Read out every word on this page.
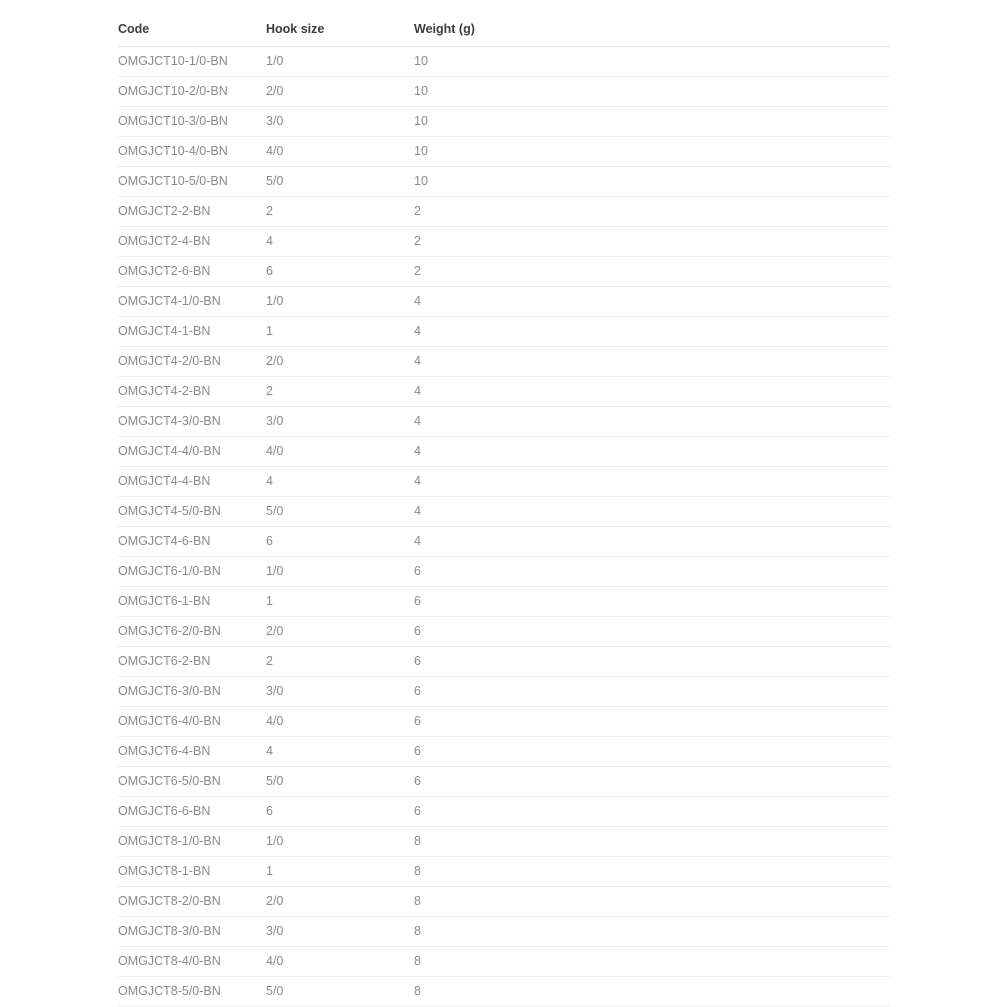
Code	Hook size	Weight (g)
OMGJCT10-1/0-BN	1/0	10
OMGJCT10-2/0-BN	2/0	10
OMGJCT10-3/0-BN	3/0	10
OMGJCT10-4/0-BN	4/0	10
OMGJCT10-5/0-BN	5/0	10
OMGJCT2-2-BN	2	2
OMGJCT2-4-BN	4	2
OMGJCT2-6-BN	6	2
OMGJCT4-1/0-BN	1/0	4
OMGJCT4-1-BN	1	4
OMGJCT4-2/0-BN	2/0	4
OMGJCT4-2-BN	2	4
OMGJCT4-3/0-BN	3/0	4
OMGJCT4-4/0-BN	4/0	4
OMGJCT4-4-BN	4	4
OMGJCT4-5/0-BN	5/0	4
OMGJCT4-6-BN	6	4
OMGJCT6-1/0-BN	1/0	6
OMGJCT6-1-BN	1	6
OMGJCT6-2/0-BN	2/0	6
OMGJCT6-2-BN	2	6
OMGJCT6-3/0-BN	3/0	6
OMGJCT6-4/0-BN	4/0	6
OMGJCT6-4-BN	4	6
OMGJCT6-5/0-BN	5/0	6
OMGJCT6-6-BN	6	6
OMGJCT8-1/0-BN	1/0	8
OMGJCT8-1-BN	1	8
OMGJCT8-2/0-BN	2/0	8
OMGJCT8-3/0-BN	3/0	8
OMGJCT8-4/0-BN	4/0	8
OMGJCT8-5/0-BN	5/0	8
